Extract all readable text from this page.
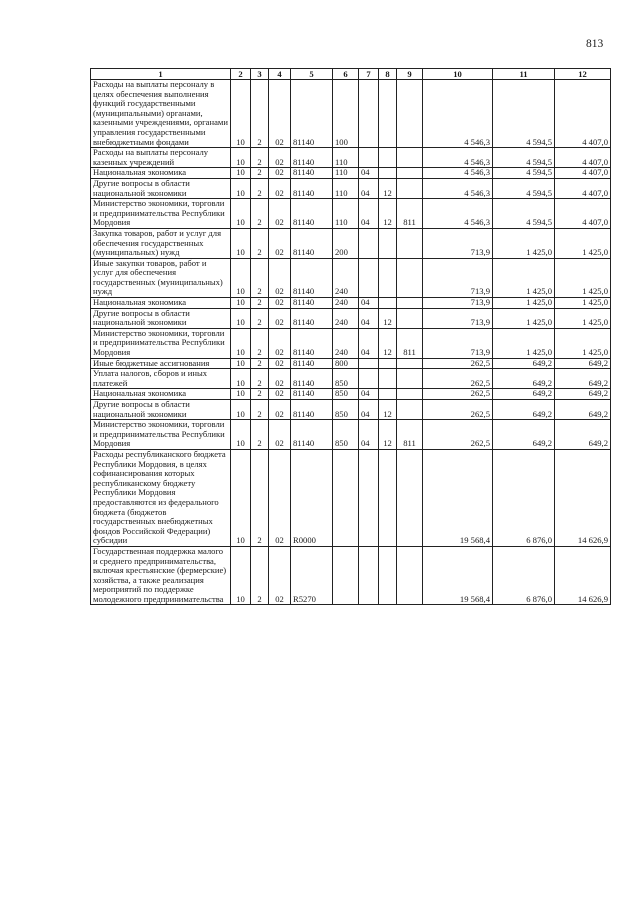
813
1	2	3	4	5	6	7	8	9	10	11	12
Расходы на выплаты персоналу в целях обеспечения выполнения функций государственными (муниципальными) органами, казенными учреждениями, органами управления государственными внебюджетными фондами	10	2	02	81140	100				4 546,3	4 594,5	4 407,0
Расходы на выплаты персоналу казенных учреждений	10	2	02	81140	110				4 546,3	4 594,5	4 407,0
Национальная экономика	10	2	02	81140	110	04			4 546,3	4 594,5	4 407,0
Другие вопросы в области национальной экономики	10	2	02	81140	110	04	12		4 546,3	4 594,5	4 407,0
Министерство экономики, торговли и предпринимательства Республики Мордовия	10	2	02	81140	110	04	12	811	4 546,3	4 594,5	4 407,0
Закупка товаров, работ и услуг для обеспечения государственных (муниципальных) нужд	10	2	02	81140	200				713,9	1 425,0	1 425,0
Иные закупки товаров, работ и услуг для обеспечения государственных (муниципальных) нужд	10	2	02	81140	240				713,9	1 425,0	1 425,0
Национальная экономика	10	2	02	81140	240	04			713,9	1 425,0	1 425,0
Другие вопросы в области национальной экономики	10	2	02	81140	240	04	12		713,9	1 425,0	1 425,0
Министерство экономики, торговли и предпринимательства Республики Мордовия	10	2	02	81140	240	04	12	811	713,9	1 425,0	1 425,0
Иные бюджетные ассигнования	10	2	02	81140	800				262,5	649,2	649,2
Уплата налогов, сборов и иных платежей	10	2	02	81140	850				262,5	649,2	649,2
Национальная экономика	10	2	02	81140	850	04			262,5	649,2	649,2
Другие вопросы в области национальной экономики	10	2	02	81140	850	04	12		262,5	649,2	649,2
Министерство экономики, торговли и предпринимательства Республики Мордовия	10	2	02	81140	850	04	12	811	262,5	649,2	649,2
Расходы республиканского бюджета Республики Мордовия, в целях софинансирования которых республиканскому бюджету Республики Мордовия предоставляются из федерального бюджета (бюджетов государственных внебюджетных фондов Российской Федерации) субсидии	10	2	02	R0000					19 568,4	6 876,0	14 626,9
Государственная поддержка малого и среднего предпринимательства, включая крестьянские (фермерские) хозяйства, а также реализация мероприятий по поддержке молодежного предпринимательства	10	2	02	R5270					19 568,4	6 876,0	14 626,9
